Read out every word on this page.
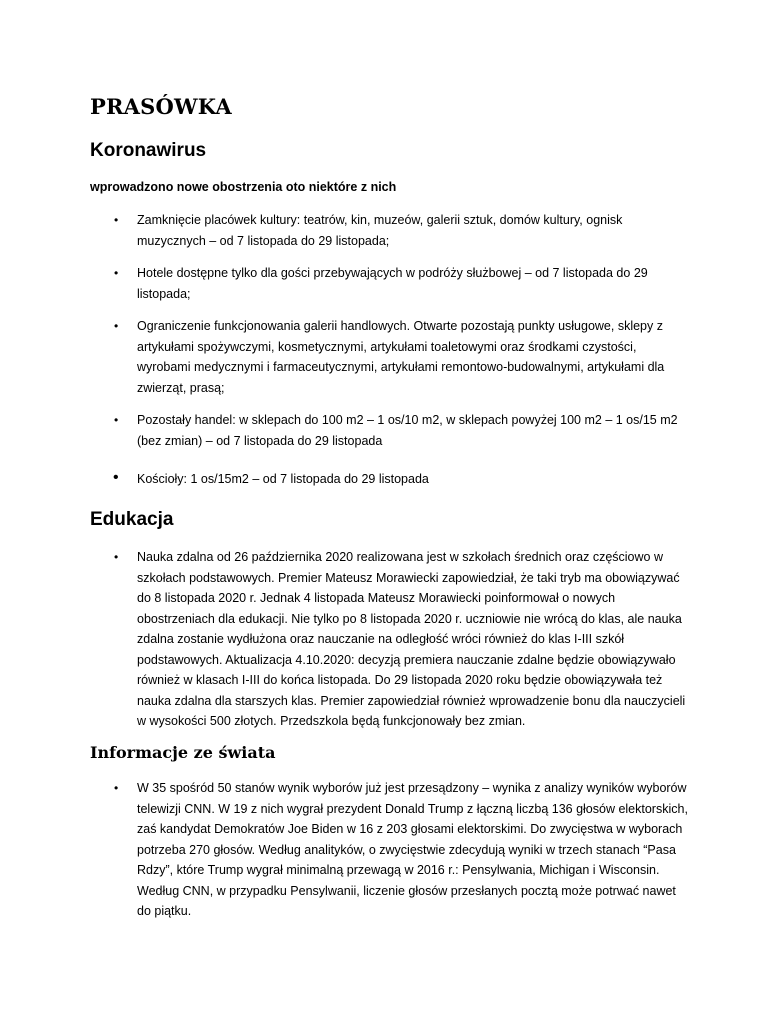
PRASÓWKA
Koronawirus

wprowadzono nowe obostrzenia oto niektóre z nich

• Zamknięcie placówek kultury: teatrów, kin, muzeów, galerii sztuk, domów kultury, ognisk muzycznych – od 7 listopada do 29 listopada;
• Hotele dostępne tylko dla gości przebywających w podróży służbowej – od 7 listopada do 29 listopada;
• Ograniczenie funkcjonowania galerii handlowych. Otwarte pozostają punkty usługowe, sklepy z artykułami spożywczymi, kosmetycznymi, artykułami toaletowymi oraz środkami czystości, wyrobami medycznymi i farmaceutycznymi, artykułami remontowo-budowalnymi, artykułami dla zwierząt, prasą;
• Pozostały handel: w sklepach do 100 m2 – 1 os/10 m2, w sklepach powyżej 100 m2 – 1 os/15 m2 (bez zmian) – od 7 listopada do 29 listopada
• Kościoły: 1 os/15m2 – od 7 listopada do 29 listopada
Edukacja
• Nauka zdalna od 26 października 2020 realizowana jest w szkołach średnich oraz częściowo w szkołach podstawowych. Premier Mateusz Morawiecki zapowiedział, że taki tryb ma obowiązywać do 8 listopada 2020 r. Jednak 4 listopada Mateusz Morawiecki poinformował o nowych obostrzeniach dla edukacji. Nie tylko po 8 listopada 2020 r. uczniowie nie wrócą do klas, ale nauka zdalna zostanie wydłużona oraz nauczanie na odległość wróci również do klas I-III szkół podstawowych. Aktualizacja 4.10.2020: decyzją premiera nauczanie zdalne będzie obowiązywało również w klasach I-III do końca listopada. Do 29 listopada 2020 roku będzie obowiązywała też nauka zdalna dla starszych klas. Premier zapowiedział również wprowadzenie bonu dla nauczycieli w wysokości 500 złotych. Przedszkola będą funkcjonowały bez zmian.
Informacje ze świata
• W 35 spośród 50 stanów wynik wyborów już jest przesądzony – wynika z analizy wyników wyborów telewizji CNN. W 19 z nich wygrał prezydent Donald Trump z łączną liczbą 136 głosów elektorskich, zaś kandydat Demokratów Joe Biden w 16 z 203 głosami elektorskimi. Do zwycięstwa w wyborach potrzeba 270 głosów. Według analityków, o zwycięstwie zdecydują wyniki w trzech stanach “Pasa Rdzy”, które Trump wygrał minimalną przewagą w 2016 r.: Pensylwania, Michigan i Wisconsin. Według CNN, w przypadku Pensylwanii, liczenie głosów przesłanych pocztą może potrwać nawet do piątku.
